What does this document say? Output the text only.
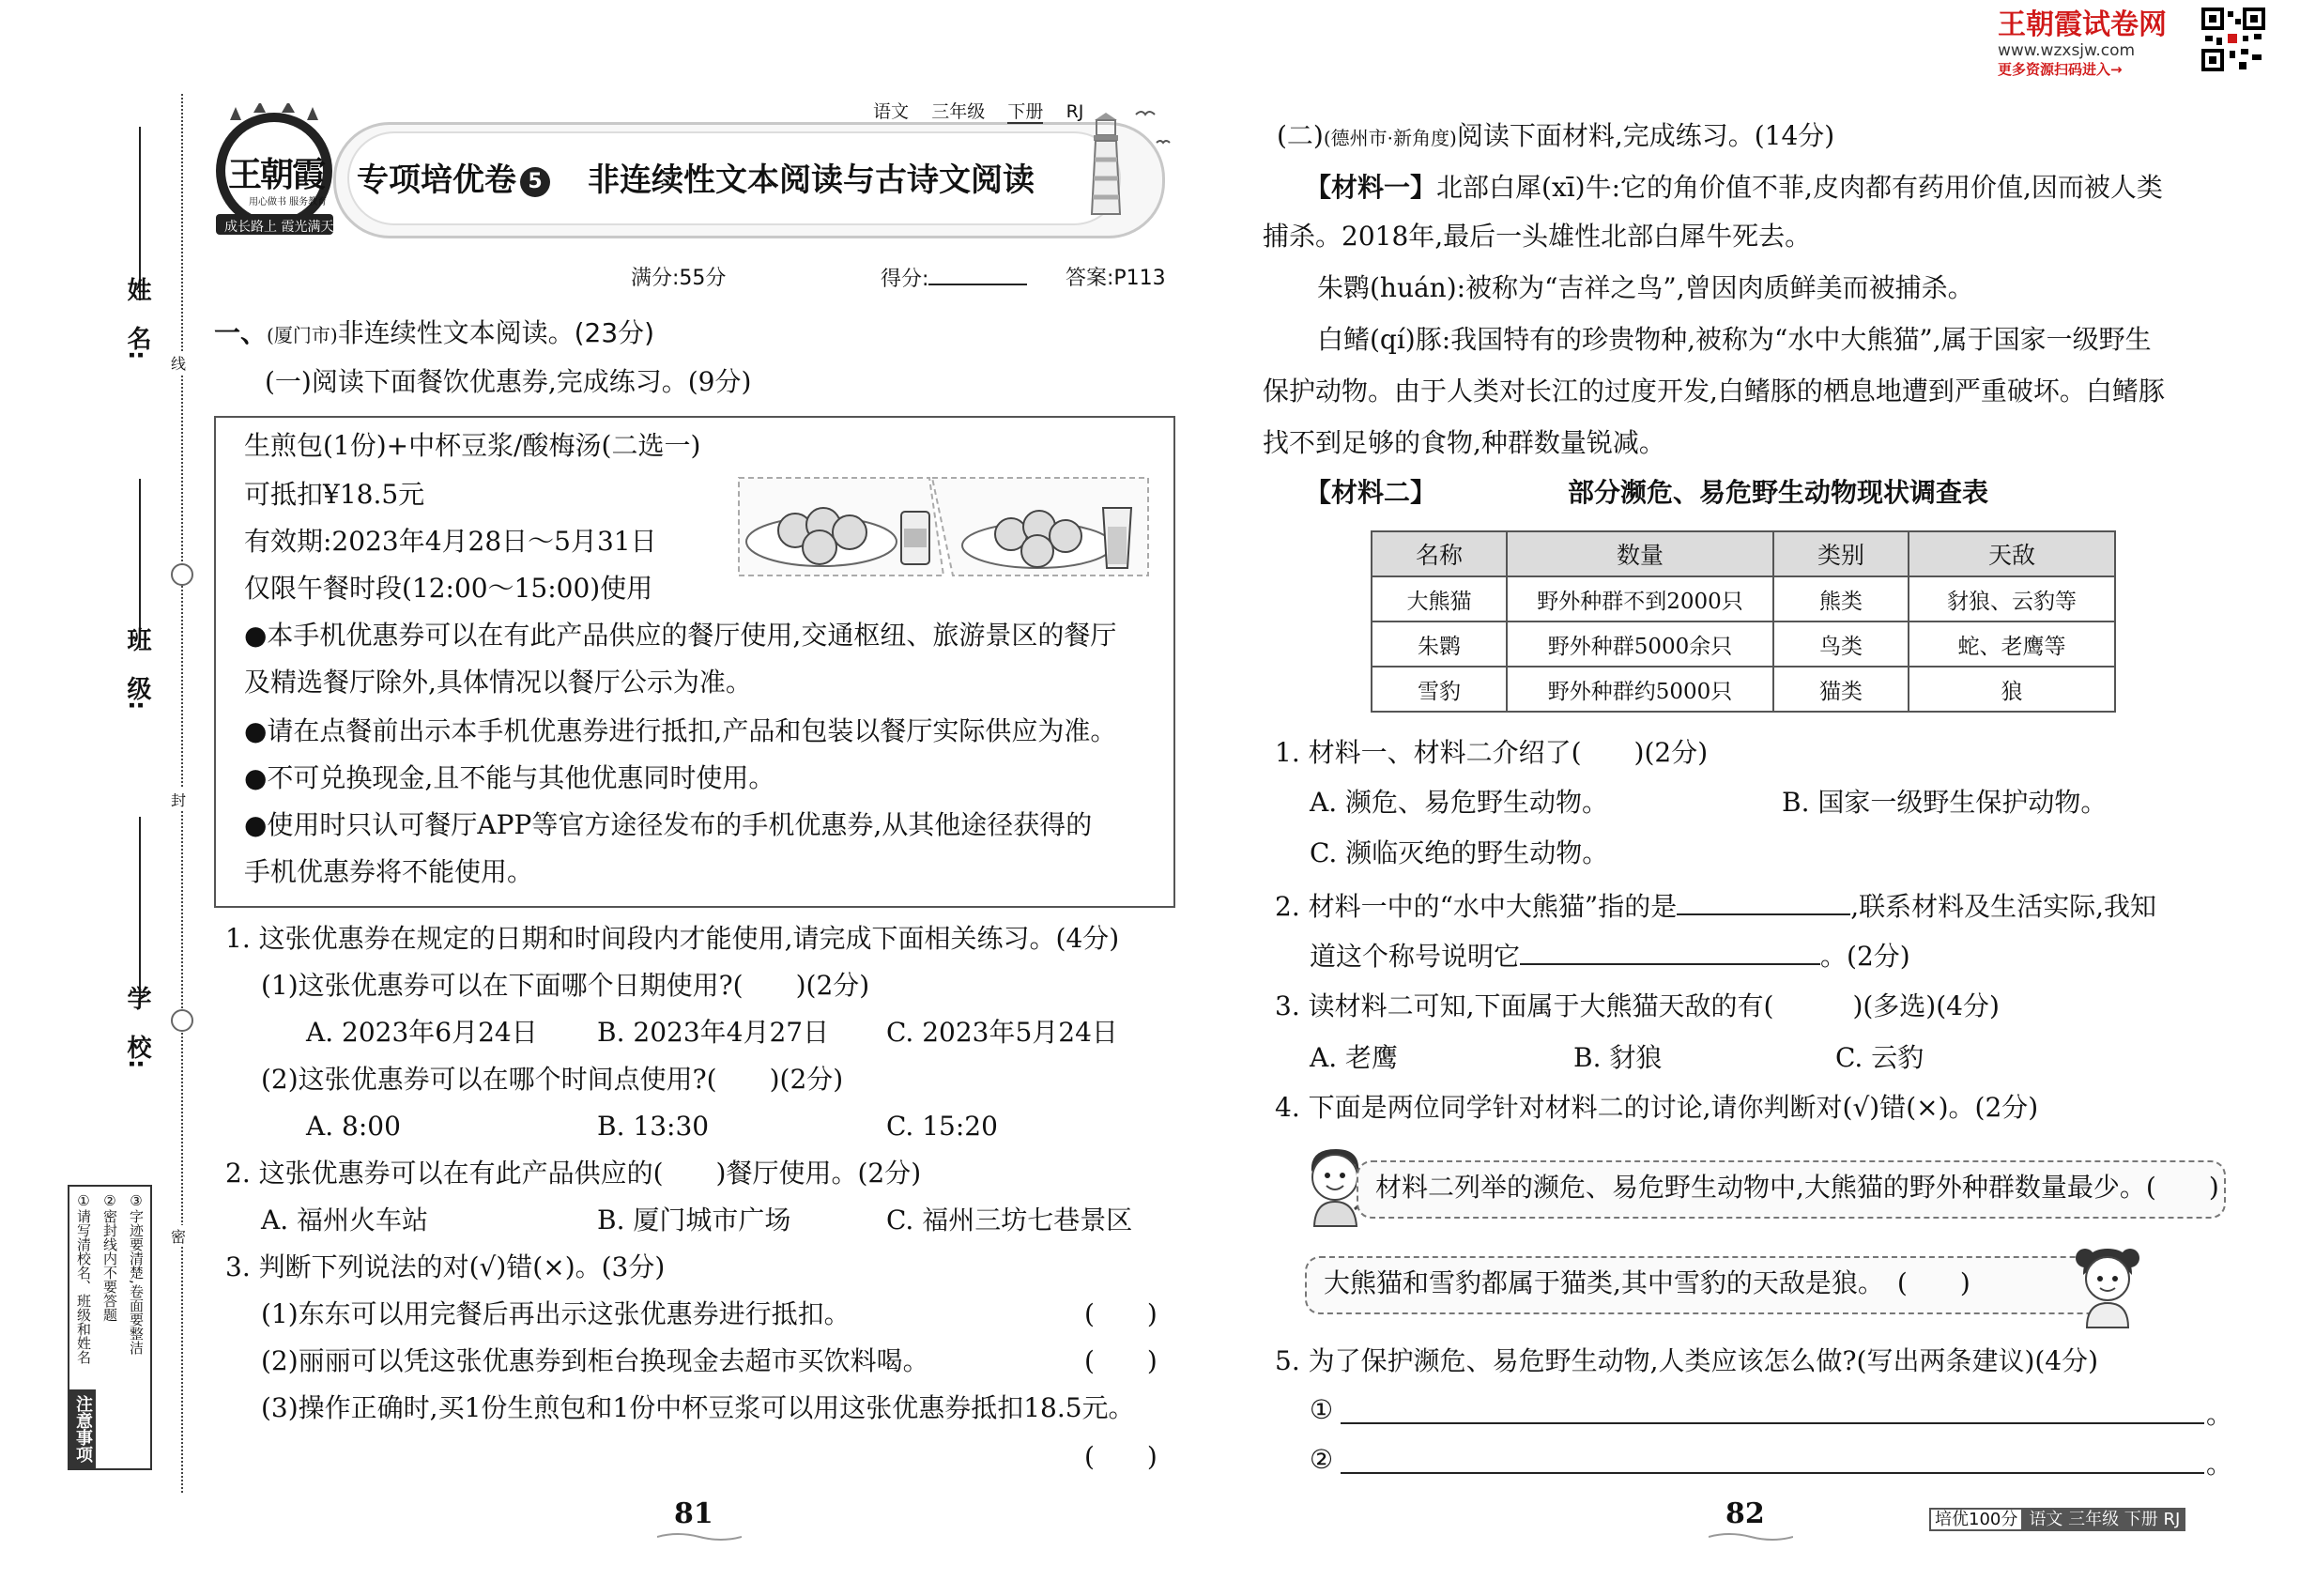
王朝霞试卷网
www.wzxsjw.com
更多资源扫码进入→
姓　名:
班　级:
学　校:
线
封
密
注意事项
①请写清校名、班级和姓名 ②密封线内不要答题 ③字迹要清楚,卷面要整洁
王朝霞
用心做书 服务教育
成长路上 霞光满天
语文 三年级 下册 RJ
专项培优卷 5 非连续性文本阅读与古诗文阅读
满分:55分	得分:	答案:P113
一、(厦门市)非连续性文本阅读。(23分)
(一)阅读下面餐饮优惠券,完成练习。(9分)
生煎包(1份)+中杯豆浆/酸梅汤(二选一)
可抵扣¥18.5元
有效期:2023年4月28日～5月31日
仅限午餐时段(12:00～15:00)使用
●本手机优惠券可以在有此产品供应的餐厅使用,交通枢纽、旅游景区的餐厅
及精选餐厅除外,具体情况以餐厅公示为准。
●请在点餐前出示本手机优惠券进行抵扣,产品和包装以餐厅实际供应为准。
●不可兑换现金,且不能与其他优惠同时使用。
●使用时只认可餐厅APP等官方途径发布的手机优惠券,从其他途径获得的
手机优惠券将不能使用。
1. 这张优惠券在规定的日期和时间段内才能使用,请完成下面相关练习。(4分)
(1)这张优惠券可以在下面哪个日期使用?(　　)(2分)
A. 2023年6月24日 B. 2023年4月27日 C. 2023年5月24日
(2)这张优惠券可以在哪个时间点使用?(　　)(2分)
A. 8:00	B. 13:30	C. 15:20
2. 这张优惠券可以在有此产品供应的(　　)餐厅使用。(2分)
A. 福州火车站	B. 厦门城市广场	C. 福州三坊七巷景区
3. 判断下列说法的对(√)错(×)。(3分)
(1)东东可以用完餐后再出示这张优惠券进行抵扣。	(　　)
(2)丽丽可以凭这张优惠券到柜台换现金去超市买饮料喝。	(　　)
(3)操作正确时,买1份生煎包和1份中杯豆浆可以用这张优惠券抵扣18.5元。
(　　)
81
(二)(德州市·新角度)阅读下面材料,完成练习。(14分)
【材料一】北部白犀(xī)牛:它的角价值不菲,皮肉都有药用价值,因而被人类
捕杀。2018年,最后一头雄性北部白犀牛死去。
朱鹮(huán):被称为“吉祥之鸟”,曾因肉质鲜美而被捕杀。
白鳍(qí)豚:我国特有的珍贵物种,被称为“水中大熊猫”,属于国家一级野生
保护动物。由于人类对长江的过度开发,白鳍豚的栖息地遭到严重破坏。白鳍豚
找不到足够的食物,种群数量锐减。
【材料二】	部分濒危、易危野生动物现状调查表
名称	数量	类别	天敌
大熊猫	野外种群不到2000只	熊类	豺狼、云豹等
朱鹮	野外种群5000余只	鸟类	蛇、老鹰等
雪豹	野外种群约5000只	猫类	狼
1. 材料一、材料二介绍了(　　)(2分)
A. 濒危、易危野生动物。	B. 国家一级野生保护动物。
C. 濒临灭绝的野生动物。
2. 材料一中的“水中大熊猫”指的是	,联系材料及生活实际,我知
道这个称号说明它	。(2分)
3. 读材料二可知,下面属于大熊猫天敌的有(　　　)(多选)(4分)
A. 老鹰	B. 豺狼	C. 云豹
4. 下面是两位同学针对材料二的讨论,请你判断对(√)错(×)。(2分)
材料二列举的濒危、易危野生动物中,大熊猫的野外种群数量最少。(　　)
大熊猫和雪豹都属于猫类,其中雪豹的天敌是狼。　(　　)
5. 为了保护濒危、易危野生动物,人类应该怎么做?(写出两条建议)(4分)
①	。
②	。
82	培优100分 语文 三年级 下册 RJ
